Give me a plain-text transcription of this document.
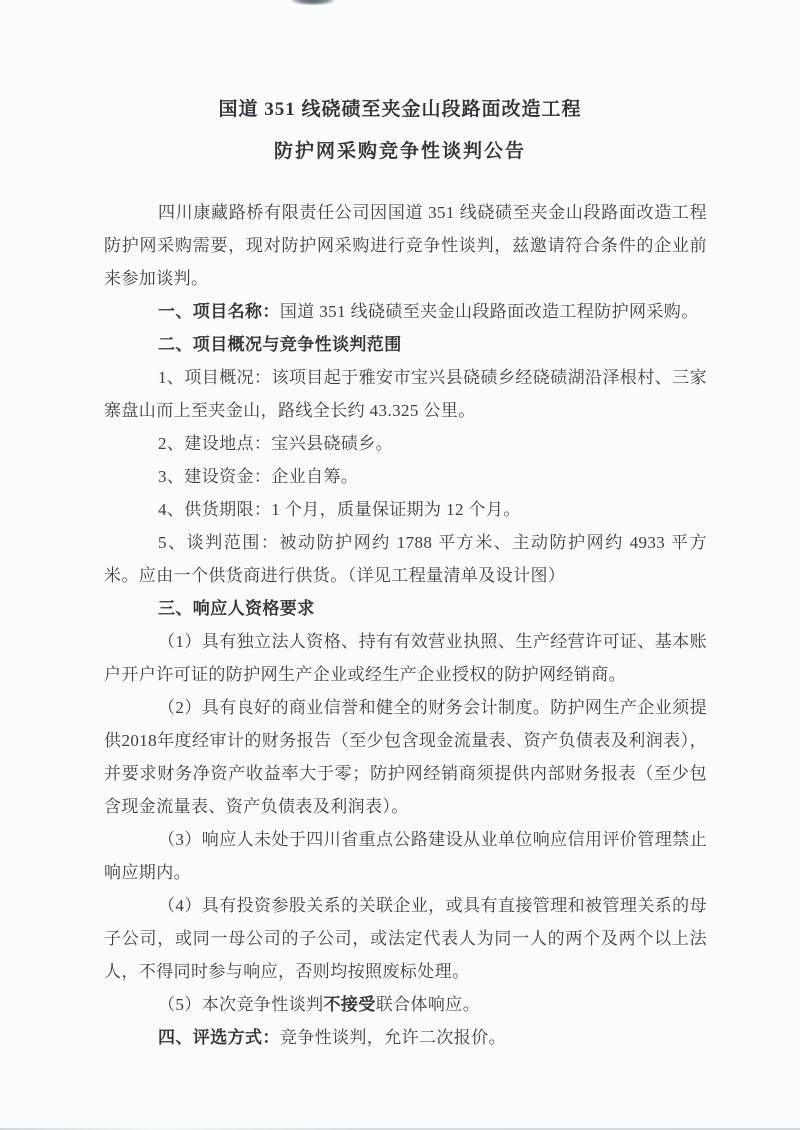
国道 351 线硗碛至夹金山段路面改造工程
防护网采购竞争性谈判公告

四川康藏路桥有限责任公司因国道 351 线硗碛至夹金山段路面改造工程防护网采购需要，现对防护网采购进行竞争性谈判，兹邀请符合条件的企业前来参加谈判。

一、项目名称：国道 351 线硗碛至夹金山段路面改造工程防护网采购。

二、项目概况与竞争性谈判范围

1、项目概况：该项目起于雅安市宝兴县硗碛乡经硗碛湖沿泽根村、三家寨盘山而上至夹金山，路线全长约 43.325 公里。

2、建设地点：宝兴县硗碛乡。

3、建设资金：企业自筹。

4、供货期限：1 个月，质量保证期为 12 个月。

5、谈判范围：被动防护网约 1788 平方米、主动防护网约 4933 平方米。应由一个供货商进行供货。（详见工程量清单及设计图）

三、响应人资格要求

（1）具有独立法人资格、持有有效营业执照、生产经营许可证、基本账户开户许可证的防护网生产企业或经生产企业授权的防护网经销商。

（2）具有良好的商业信誉和健全的财务会计制度。防护网生产企业须提供2018年度经审计的财务报告（至少包含现金流量表、资产负债表及利润表），并要求财务净资产收益率大于零；防护网经销商须提供内部财务报表（至少包含现金流量表、资产负债表及利润表）。

（3）响应人未处于四川省重点公路建设从业单位响应信用评价管理禁止响应期内。

（4）具有投资参股关系的关联企业，或具有直接管理和被管理关系的母子公司，或同一母公司的子公司，或法定代表人为同一人的两个及两个以上法人，不得同时参与响应，否则均按照废标处理。

（5）本次竞争性谈判不接受联合体响应。

四、评选方式：竞争性谈判，允许二次报价。
